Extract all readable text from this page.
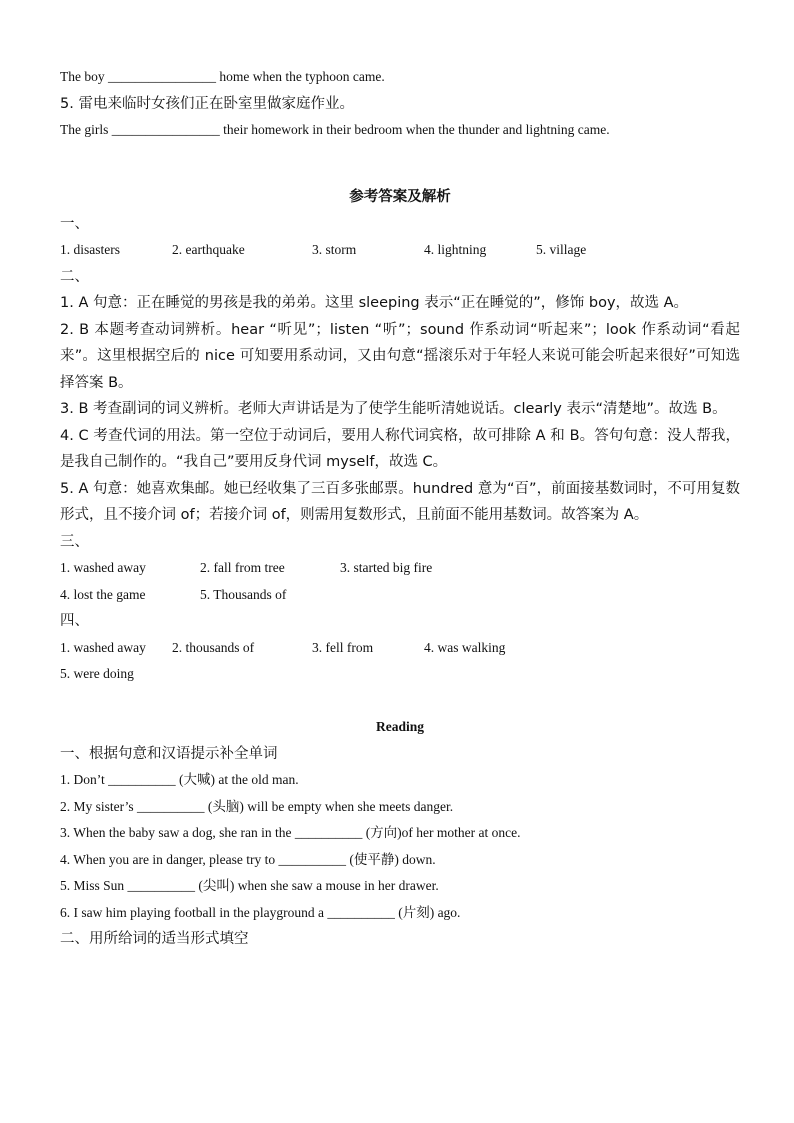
The boy ________________ home when the typhoon came.
5. 雷电来临时女孩们正在卧室里做家庭作业。
The girls ________________ their homework in their bedroom when the thunder and lightning came.
参考答案及解析
一、
1. disasters	2. earthquake	3. storm	4. lightning	5. village
二、
1. A 句意：正在睡觉的男孩是我的弟弟。这里 sleeping 表示“正在睡觉的”，修饰 boy，故选 A。
2. B 本题考查动词辨析。hear “听见”；listen “听”；sound 作系动词“听起来”；look 作系动词“看起来”。这里根据空后的 nice 可知要用系动词，又由句意“摇滚乐对于年轻人来说可能会听起来很好”可知选择答案 B。
3. B 考查副词的词义辨析。老师大声讲话是为了使学生能听清她说话。clearly 表示“清楚地”。故选 B。
4. C 考查代词的用法。第一空位于动词后，要用人称代词宾格，故可排除 A 和 B。答句句意：没人帮我，是我自己制作的。“我自己”要用反身代词 myself，故选 C。
5. A 句意：她喜欢集邮。她已经收集了三百多张邮票。hundred 意为“百”，前面接基数词时，不可用复数形式，且不接介词 of；若接介词 of，则需用复数形式，且前面不能用基数词。故答案为 A。
三、
1. washed away	2. fall from tree	3. started big fire
4. lost the game	5. Thousands of
四、
1. washed away 2. thousands of	3. fell from	4. was walking
5. were doing
Reading
一、根据句意和汉语提示补全单词
1. Don’t __________ (大喊) at the old man.
2. My sister’s __________ (头脑) will be empty when she meets danger.
3. When the baby saw a dog, she ran in the __________ (方向)of her mother at once.
4. When you are in danger, please try to __________ (使平静) down.
5. Miss Sun __________ (尖叫) when she saw a mouse in her drawer.
6. I saw him playing football in the playground a __________ (片刻) ago.
二、用所给词的适当形式填空
